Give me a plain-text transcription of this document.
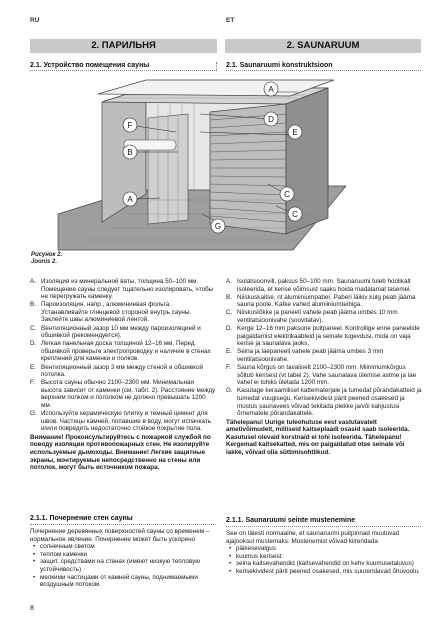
RU	ET
2. ПАРИЛЬНЯ	2. SAUNARUUM
2.1. Устройство помещения сауны	2.1. Saunaruumi konstruktsioon
A
D
E
F
B
A
C
C
G
Рисунок 2.
Joonis 2.
A. Изоляция из минеральной ваты, толщина 50–100 мм. Помещение сауны следует тщательно изолировать, чтобы не перегружать каменку.
B. Пароизоляция, напр., алюминиевая фольга. Устанавливайте глянцевой стороной внутрь сауны. Заклейте швы алюминиевой лентой.
C. Вентиляционный зазор 10 мм между пароизоляцией и обшивкой (рекомендуется).
D. Легкая панельная доска толщиной 12–16 мм. Перед обшивкой проверьте электропроводку и наличие в стенах креплений для каменки и полков.
E. Вентиляционный зазор 3 мм между стеной и обшивкой потолка.
F. Высота сауны обычно 2100–2300 мм. Минимальная высота зависит от каменки (см. табл. 2). Расстояние между верхним полком и потолком не должно превышать 1200 мм.
G. Используйте керамическую плитку и темный цемент для швов. Частицы камней, попавшие в воду, могут испачкать и/или повредить недостаточно стойкое покрытие пола.

Внимание! Проконсультируйтесь с пожарной службой по поводу изоляции противопожарных стен. Не изолируйте используемые дымоходы. Внимание! Легкие защитные экраны, монтируемые непосредственно на стены или потолок, могут быть источником пожара.

A. Isolatsioonvill, paksus 50–100 mm. Saunaruumi tuleb hoolikalt isoleerida, et kerise võimsust saaks hoida madalamal tasemel.
B. Niiskuskaitse, nt alumiiniumpaber. Paberi läikiv külg peab jääma sauna poole. Katke vahed alumiiniumteibiga.
C. Niiskustõkke ja paneeli vahele peab jääma umbes 10 mm ventilatsioonivahe (soovitatav).
D. Kerge 12–16 mm paksune puitpaneel. Kontrollige enne paneelide paigaldamist elektrikaableid ja seinale tugevdusi, mida on vaja kerise ja saunalava jaoks.
E. Seina ja laepaneeli vahele peab jääma umbes 3 mm ventilatsioonivahe.
F. Sauna kõrgus on tavaliselt 2100–2300 mm. Miinimumkõrgus sõltub kerisest (vt tabel 2). Vahe saunalava ülemise astme ja lae vahel ei tohiks ületada 1200 mm.
G. Kasutage keraamiliset kattematerjale ja tumedat põrandakatteid ja tumedat vuugisegu. Kerisekividest pärit peened osakesed ja mustus saunavees võivad tekitada plekke ja/või kahjustusi õrnematele põrandakattele.

Tähelepanu! Uurige tuleohutuse eest vastutavatelt ametivõimudelt, milliseid kaitseplaadi osasid saab isoleerida. Kasutusel olevaid korstnaid ei tohi isoleerida. Tähelepanu! Kergemad kaitsekatted, mis on paigaldatud otse seinale või lakke, võivad olla süttimisohtlikud.

2.1.1. Почернение стен сауны

Почернение деревянных поверхностей сауны со временем – нормальное явление. Почернение может быть ускорено

• солнечным светом
• теплом каменки
• защит. средствами на стенах (имеют низкую тепловую устойчивость)
• мелкими частицами от камней сауны, поднимаемыми воздушным потоком.
2.1.1. Saunaruumi seinte mustenemine

See on täiesti normaalne, et saunaruumi puitpinnad muutuvad ajajooksul mustemaks. Mustenemist võivad kiirendada

• päikesevalgus
• kuumus kerisest
• seina kaitsevahendid (kaitsevahendid on kehv kuumusetaluvus)
• kerisekividest pärit peened osakesed, mis suurendavad õhuvoolu.
8
